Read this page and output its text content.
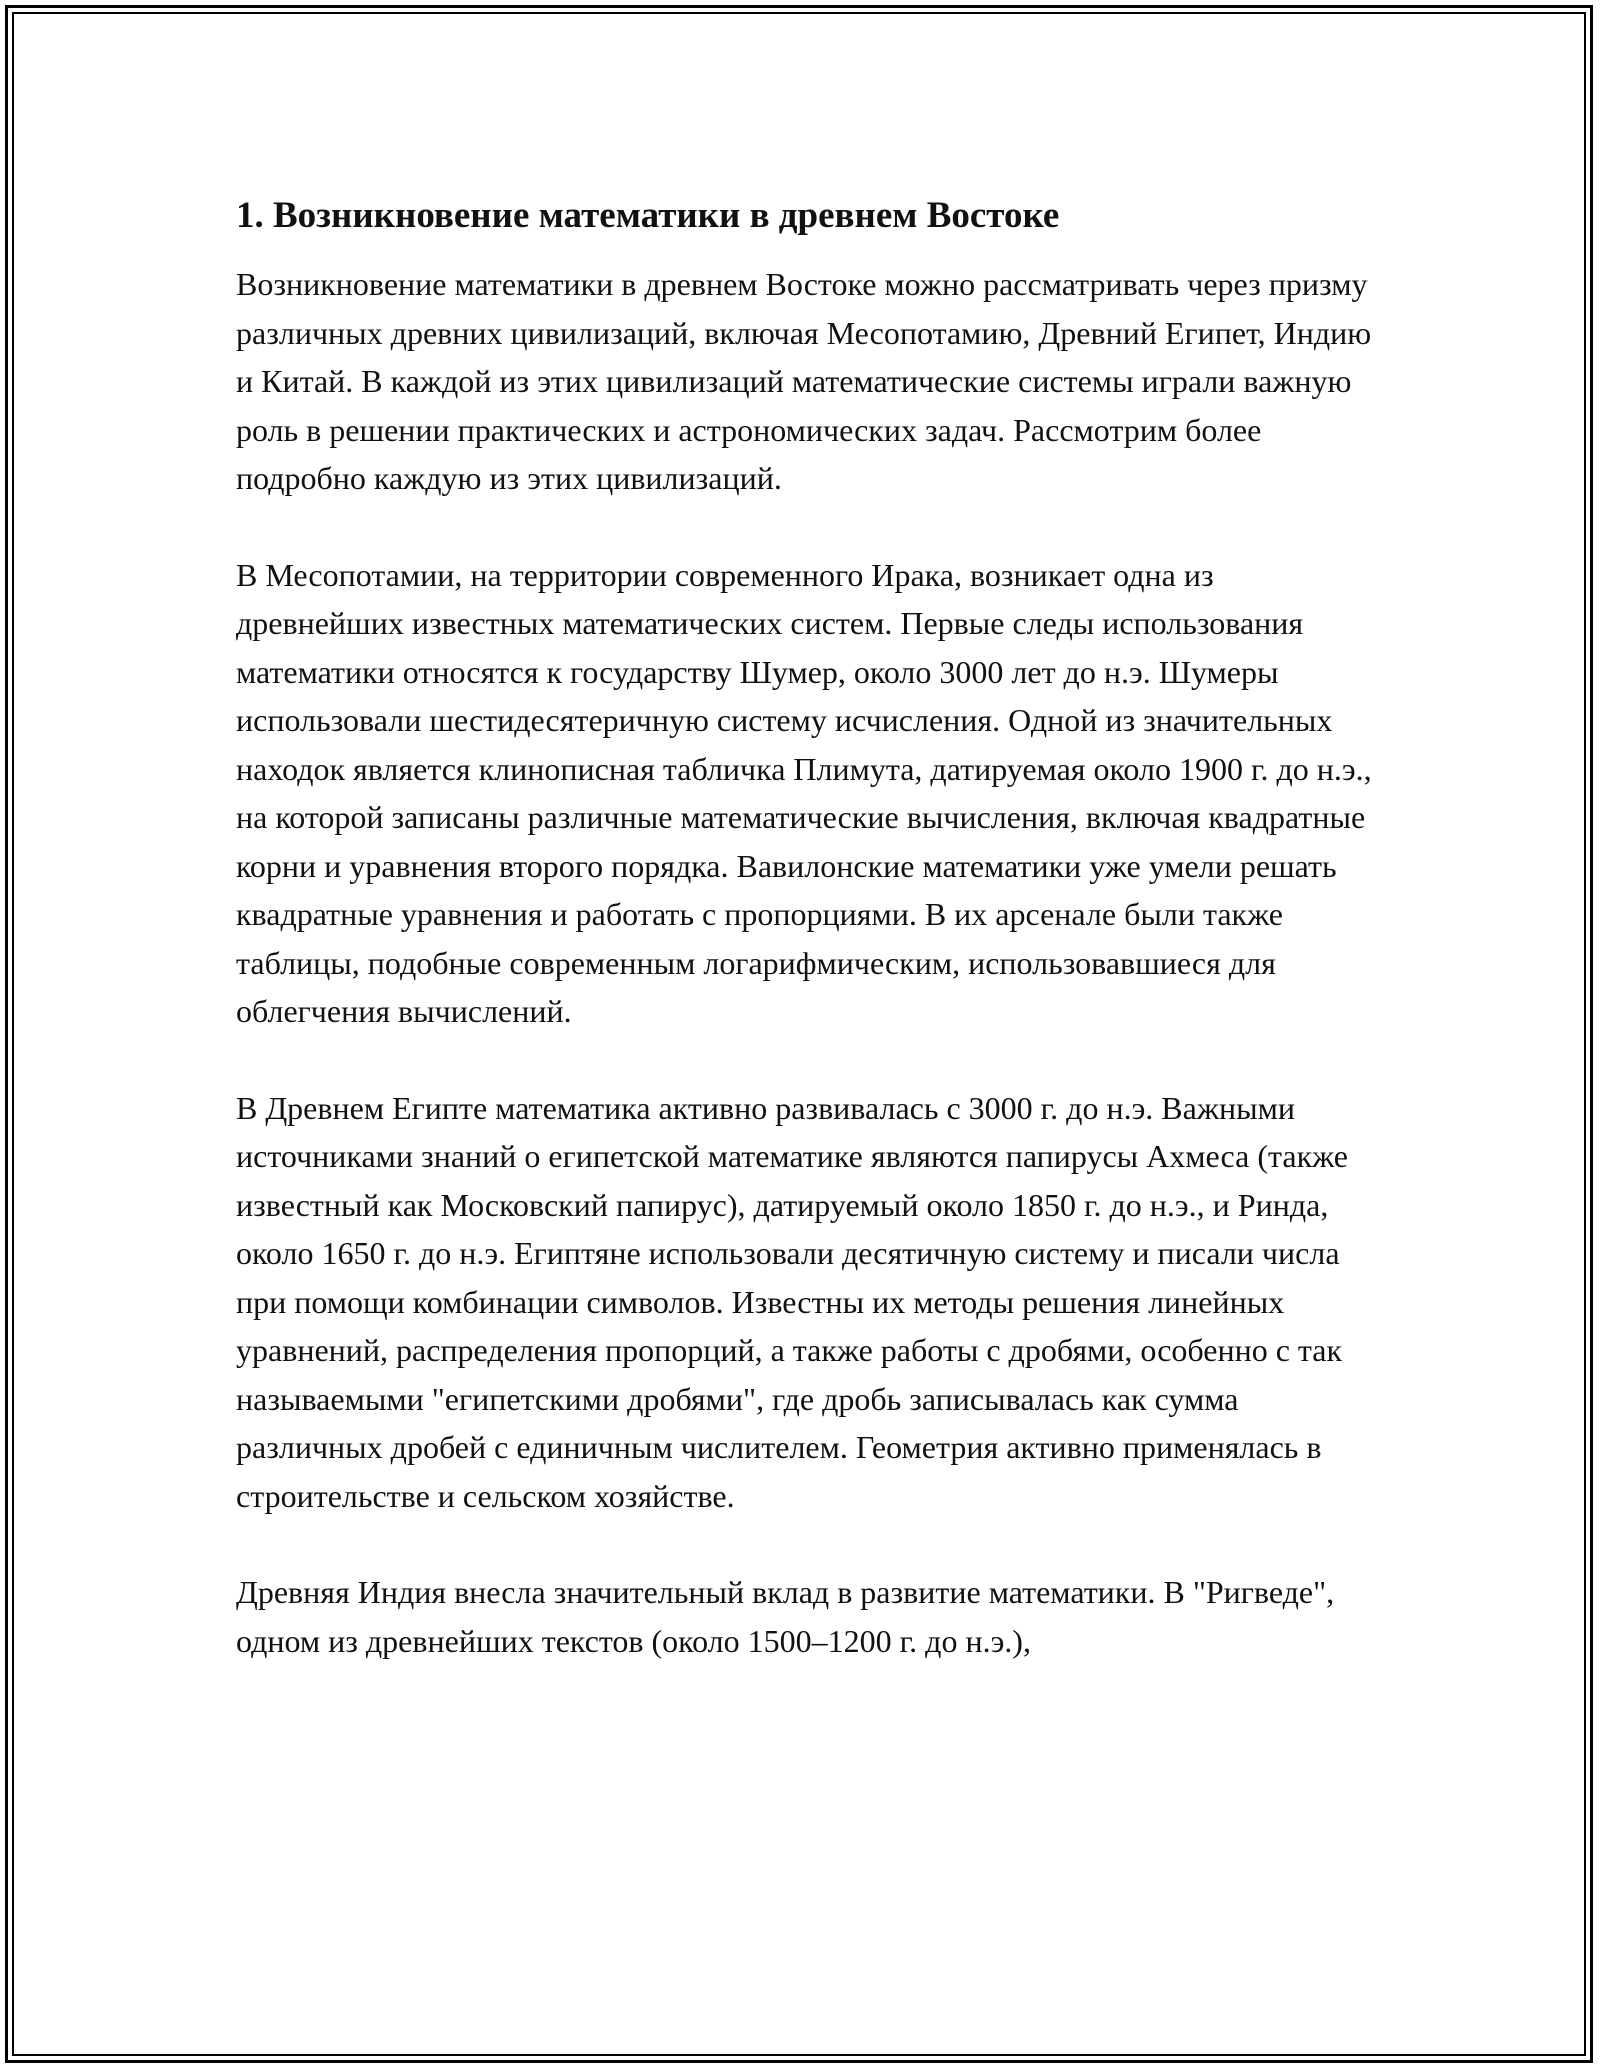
1. Возникновение математики в древнем Востоке

Возникновение математики в древнем Востоке можно рассматривать через призму различных древних цивилизаций, включая Месопотамию, Древний Египет, Индию и Китай. В каждой из этих цивилизаций математические системы играли важную роль в решении практических и астрономических задач. Рассмотрим более подробно каждую из этих цивилизаций.

В Месопотамии, на территории современного Ирака, возникает одна из древнейших известных математических систем. Первые следы использования математики относятся к государству Шумер, около 3000 лет до н.э. Шумеры использовали шестидесятеричную систему исчисления. Одной из значительных находок является клинописная табличка Плимута, датируемая около 1900 г. до н.э., на которой записаны различные математические вычисления, включая квадратные корни и уравнения второго порядка. Вавилонские математики уже умели решать квадратные уравнения и работать с пропорциями. В их арсенале были также таблицы, подобные современным логарифмическим, использовавшиеся для облегчения вычислений.

В Древнем Египте математика активно развивалась с 3000 г. до н.э. Важными источниками знаний о египетской математике являются папирусы Ахмеса (также известный как Московский папирус), датируемый около 1850 г. до н.э., и Ринда, около 1650 г. до н.э. Египтяне использовали десятичную систему и писали числа при помощи комбинации символов. Известны их методы решения линейных уравнений, распределения пропорций, а также работы с дробями, особенно с так называемыми "египетскими дробями", где дробь записывалась как сумма различных дробей с единичным числителем. Геометрия активно применялась в строительстве и сельском хозяйстве.

Древняя Индия внесла значительный вклад в развитие математики. В "Ригведе", одном из древнейших текстов (около 1500–1200 г. до н.э.),
